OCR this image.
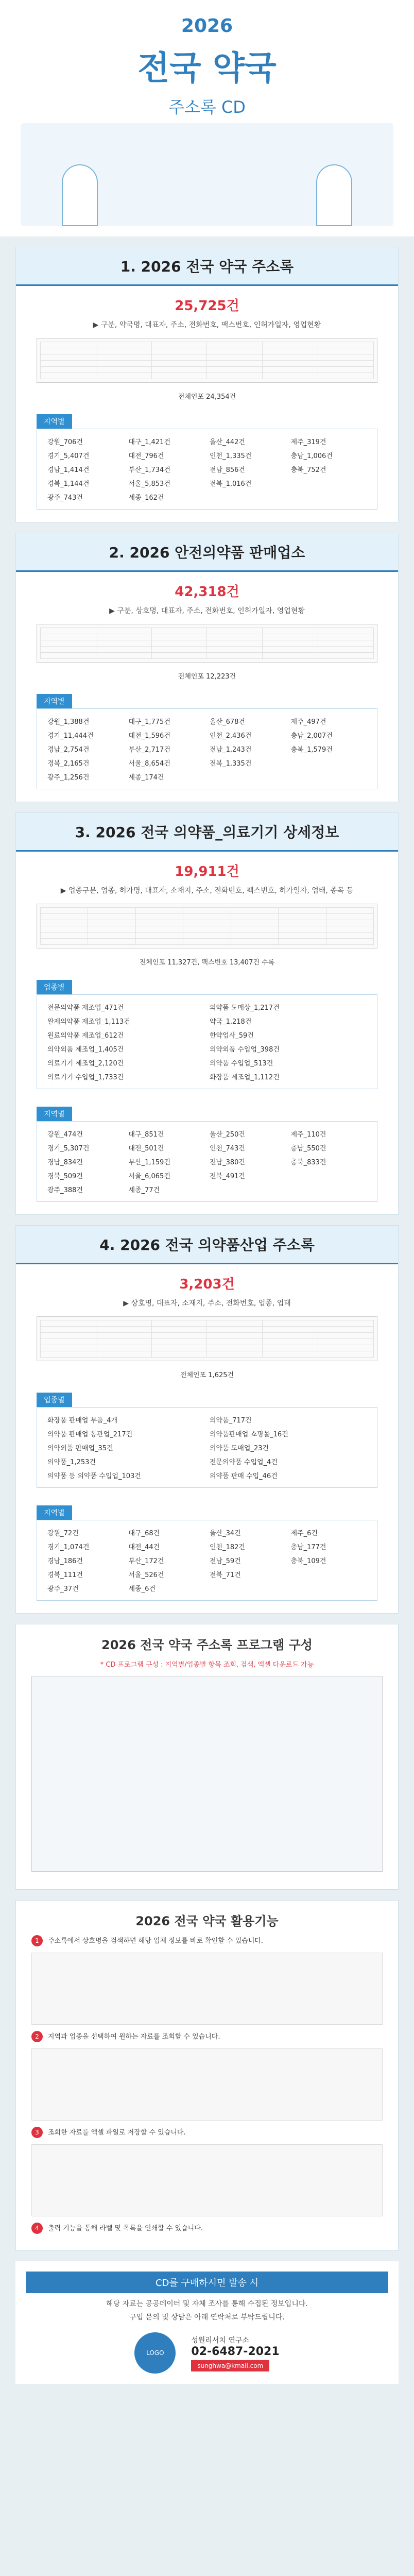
2026
전국 약국
주소록 CD
1. 2026 전국 약국 주소록
25,725건
▶ 구분, 약국명, 대표자, 주소, 전화번호, 팩스번호, 인허가일자, 영업현황

전체인포 24,354건
지역별
강원_706건	대구_1,421건	울산_442건	제주_319건
경기_5,407건	대전_796건	인천_1,335건	충남_1,006건
경남_1,414건	부산_1,734건	전남_856건	충북_752건
경북_1,144건	서울_5,853건	전북_1,016건
광주_743건	세종_162건
2. 2026 안전의약품 판매업소
42,318건
▶ 구분, 상호명, 대표자, 주소, 전화번호, 인허가일자, 영업현황

전체인포 12,223건
지역별
강원_1,388건	대구_1,775건	울산_678건	제주_497건
경기_11,444건	대전_1,596건	인천_2,436건	충남_2,007건
경남_2,754건	부산_2,717건	전남_1,243건	충북_1,579건
경북_2,165건	서울_8,654건	전북_1,335건
광주_1,256건	세종_174건
3. 2026 전국 의약품_의료기기 상세정보
19,911건
▶ 업종구분, 업종, 허가명, 대표자, 소재지, 주소, 전화번호, 팩스번호, 허가일자, 업태, 종목 등

전체인포 11,327건, 팩스번호 13,407건 수록
업종별
전문의약품 제조업_471건	의약품 도매상_1,217건
완제의약품 제조업_1,113건	약국_1,218건
원료의약품 제조업_612건	한약업사_59건
의약외품 제조업_1,405건	의약외품 수입업_398건
의료기기 제조업_2,120건	의약품 수입업_513건
의료기기 수입업_1,733건	화장품 제조업_1,112건
지역별
강원_474건	대구_851건	울산_250건	제주_110건
경기_5,307건	대전_501건	인천_743건	충남_550건
경남_834건	부산_1,159건	전남_380건	충북_833건
경북_509건	서울_6,065건	전북_491건
광주_388건	세종_77건
4. 2026 전국 의약품산업 주소록
3,203건
▶ 상호명, 대표자, 소재지, 주소, 전화번호, 업종, 업태

전체인포 1,625건
업종별
화장품 판매업 부품_4개	의약품_717건
의약품 판매업 통관업_217건	의약품판매업 쇼핑몰_16건
의약외품 판매업_35건	의약품 도매업_23건
의약품_1,253건	전문의약품 수입업_4건
의약품 등 의약품 수입업_103건	의약품 판매 수입_46건
지역별
강원_72건	대구_68건	울산_34건	제주_6건
경기_1,074건	대전_44건	인천_182건	충남_177건
경남_186건	부산_172건	전남_59건	충북_109건
경북_111건	서울_526건	전북_71건
광주_37건	세종_6건
2026 전국 약국 주소록 프로그램 구성
* CD 프로그램 구성 : 지역별/업종별 항목 조회, 검색, 엑셀 다운로드 가능
2026 전국 약국 활용기능
1	주소록에서 상호명을 검색하면 해당 업체 정보를 바로 확인할 수 있습니다.
2	지역과 업종을 선택하여 원하는 자료를 조회할 수 있습니다.
3	조회한 자료를 엑셀 파일로 저장할 수 있습니다.
4	출력 기능을 통해 라벨 및 목록을 인쇄할 수 있습니다.
CD를 구매하시면 발송 시
해당 자료는 공공데이터 및 자체 조사를 통해 수집된 정보입니다.
구입 문의 및 상담은 아래 연락처로 부탁드립니다.
LOGO
성원리서치 연구소
02-6487-2021
sunghwa@kmail.com
